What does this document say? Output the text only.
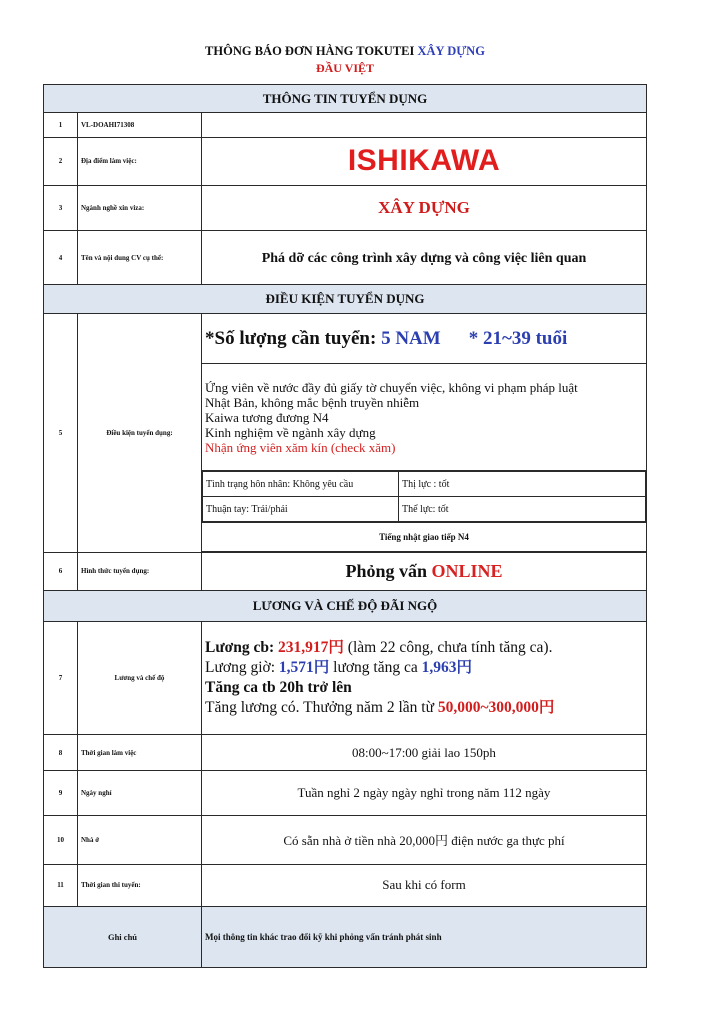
THÔNG BÁO ĐƠN HÀNG TOKUTEI XÂY DỰNG
ĐẦU VIỆT
THÔNG TIN TUYỂN DỤNG
1	VL-DOAHI71308	
2	Địa điểm làm việc:	ISHIKAWA
3	Ngành nghề xin viza:	XÂY DỰNG
4	Tên và nội dung CV cụ thể:	Phá dỡ các công trình xây dựng và công việc liên quan
ĐIỀU KIỆN TUYỂN DỤNG
5	Điều kiện tuyển dụng:	*Số lượng cần tuyển: 5 NAM * 21~39 tuổi

Ứng viên về nước đầy đủ giấy tờ chuyển việc, không vi phạm pháp luật
Nhật Bản, không mắc bệnh truyền nhiễm
Kaiwa tương đương N4
Kinh nghiệm về ngành xây dựng
Nhận ứng viên xăm kín (check xăm)

Tình trạng hôn nhân: Không yêu cầu	Thị lực : tốt
Thuận tay: Trái/phải	Thể lực: tốt

Tiếng nhật giao tiếp N4

6	Hình thức tuyển dụng:	Phỏng vấn ONLINE
LƯƠNG VÀ CHẾ ĐỘ ĐÃI NGỘ
7	Lương và chế độ	
Lương cb: 231,917円 (làm 22 công, chưa tính tăng ca).
Lương giờ: 1,571円 lương tăng ca 1,963円
Tăng ca tb 20h trở lên
Tăng lương có. Thưởng năm 2 lần từ 50,000~300,000円

8	Thời gian làm việc	08:00~17:00 giải lao 150ph
9	Ngày nghỉ	Tuần nghỉ 2 ngày ngày nghỉ trong năm 112 ngày
10	Nhà ở	Có sẵn nhà ở tiền nhà 20,000円 điện nước ga thực phí
11	Thời gian thi tuyển:	Sau khi có form
Ghi chú	Mọi thông tin khác trao đổi kỹ khi phỏng vấn tránh phát sinh
